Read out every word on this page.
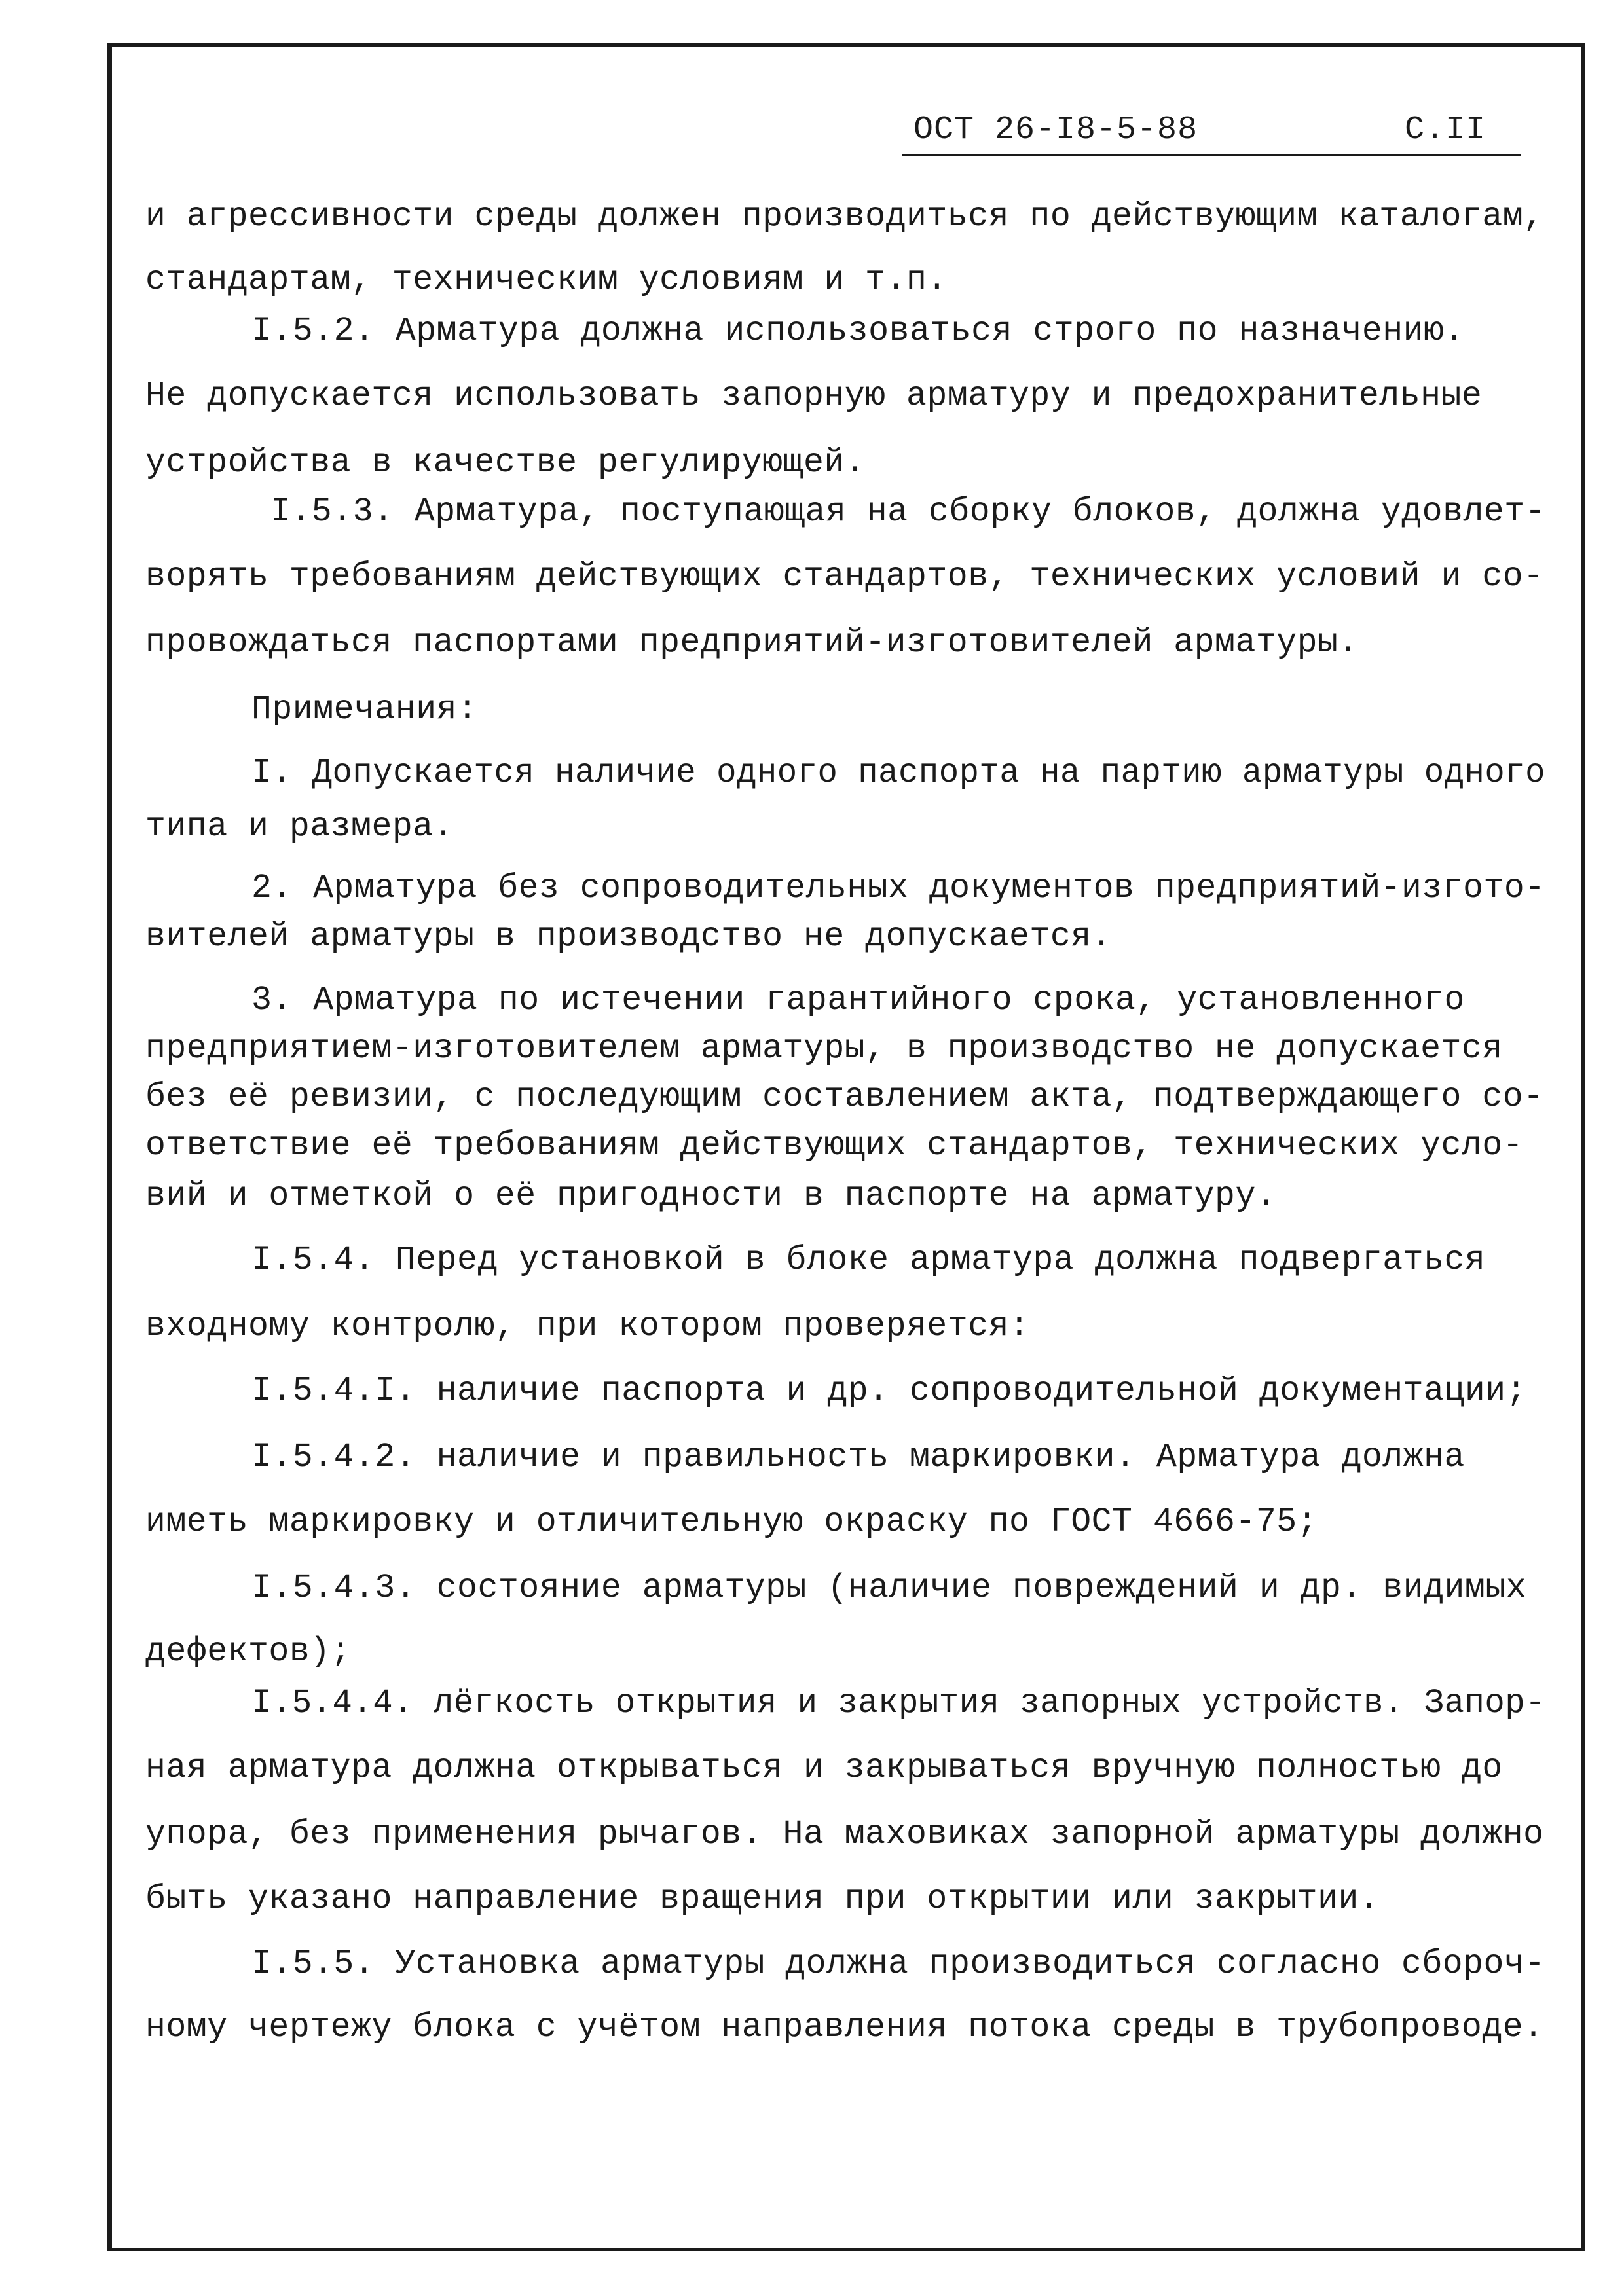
ОСТ 26-I8-5-88	С.II
и агрессивности среды должен производиться по действующим каталогам,
стандартам, техническим условиям и т.п.
I.5.2. Арматура должна использоваться строго по назначению.
Не допускается использовать запорную арматуру и предохранительные
устройства в качестве регулирующей.
I.5.3. Арматура, поступающая на сборку блоков, должна удовлет-
ворять требованиям действующих стандартов, технических условий и со-
провождаться паспортами предприятий-изготовителей арматуры.
Примечания:
I. Допускается наличие одного паспорта на партию арматуры одного
типа и размера.
2. Арматура без сопроводительных документов предприятий-изгото-
вителей арматуры в производство не допускается.
3. Арматура по истечении гарантийного срока, установленного
предприятием-изготовителем арматуры, в производство не допускается
без её ревизии, с последующим составлением акта, подтверждающего со-
ответствие её требованиям действующих стандартов, технических усло-
вий и отметкой о её пригодности в паспорте на арматуру.
I.5.4. Перед установкой в блоке арматура должна подвергаться
входному контролю, при котором проверяется:
I.5.4.I. наличие паспорта и др. сопроводительной документации;
I.5.4.2. наличие и правильность маркировки. Арматура должна
иметь маркировку и отличительную окраску по ГОСТ 4666-75;
I.5.4.3. состояние арматуры (наличие повреждений и др. видимых
дефектов);
I.5.4.4. лёгкость открытия и закрытия запорных устройств. Запор-
ная арматура должна открываться и закрываться вручную полностью до
упора, без применения рычагов. На маховиках запорной арматуры должно
быть указано направление вращения при открытии или закрытии.
I.5.5. Установка арматуры должна производиться согласно сбороч-
ному чертежу блока с учётом направления потока среды в трубопроводе.
